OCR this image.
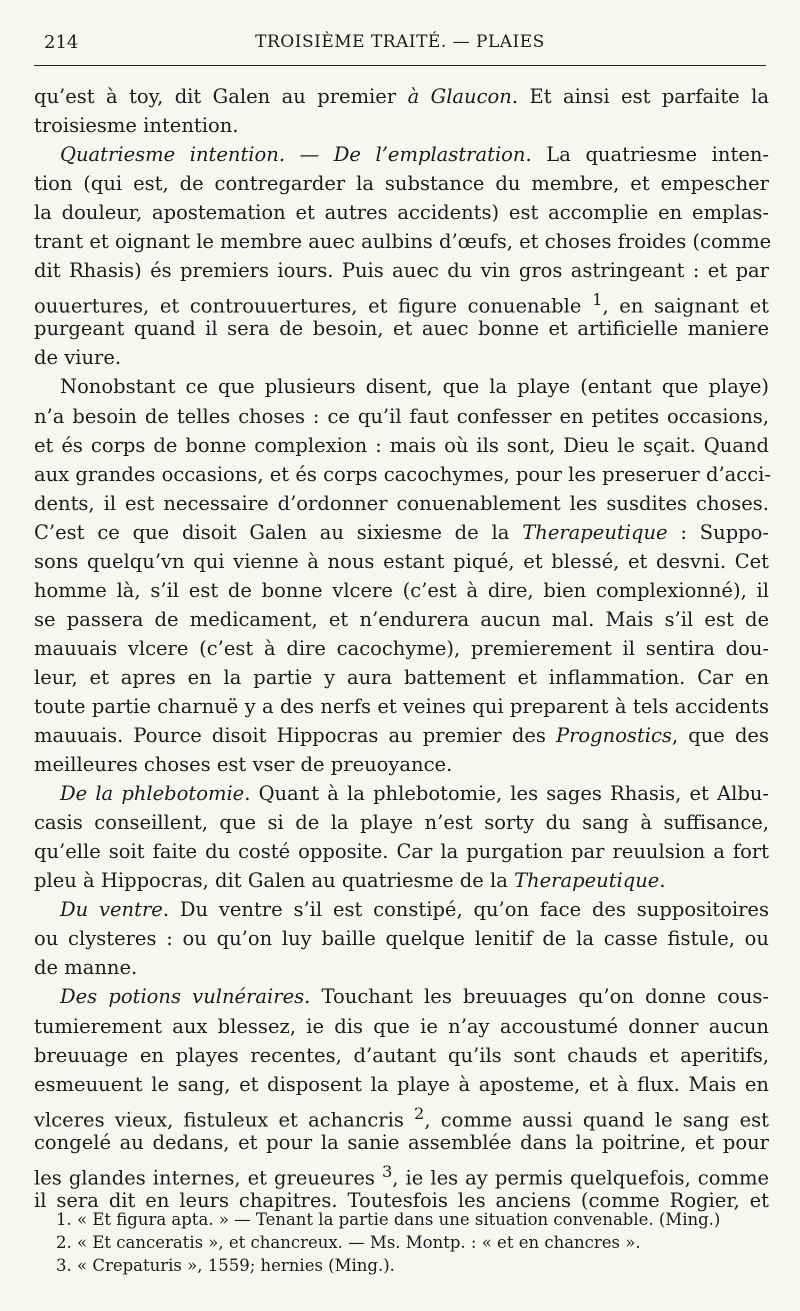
214	TROISIÈME TRAITÉ. — PLAIES
qu’est à toy, dit Galen au premier à Glaucon. Et ainsi est parfaite la
troisiesme intention.
Quatriesme intention. — De l’emplastration. La quatriesme inten-
tion (qui est, de contregarder la substance du membre, et empescher
la douleur, apostemation et autres accidents) est accomplie en emplas-
trant et oignant le membre auec aulbins d’œufs, et choses froides (comme
dit Rhasis) és premiers iours. Puis auec du vin gros astringeant : et par
ouuertures, et controuuertures, et figure conuenable $^1$, en saignant et
purgeant quand il sera de besoin, et auec bonne et artificielle maniere
de viure.
Nonobstant ce que plusieurs disent, que la playe (entant que playe)
n’a besoin de telles choses : ce qu’il faut confesser en petites occasions,
et és corps de bonne complexion : mais où ils sont, Dieu le sçait. Quand
aux grandes occasions, et és corps cacochymes, pour les preseruer d’acci-
dents, il est necessaire d’ordonner conuenablement les susdites choses.
C’est ce que disoit Galen au sixiesme de la Therapeutique : Suppo-
sons quelqu’vn qui vienne à nous estant piqué, et blessé, et desvni. Cet
homme là, s’il est de bonne vlcere (c’est à dire, bien complexionné), il
se passera de medicament, et n’endurera aucun mal. Mais s’il est de
mauuais vlcere (c’est à dire cacochyme), premierement il sentira dou-
leur, et apres en la partie y aura battement et inflammation. Car en
toute partie charnuë y a des nerfs et veines qui preparent à tels accidents
mauuais. Pource disoit Hippocras au premier des Prognostics, que des
meilleures choses est vser de preuoyance.
De la phlebotomie. Quant à la phlebotomie, les sages Rhasis, et Albu-
casis conseillent, que si de la playe n’est sorty du sang à suffisance,
qu’elle soit faite du costé opposite. Car la purgation par reuulsion a fort
pleu à Hippocras, dit Galen au quatriesme de la Therapeutique.
Du ventre. Du ventre s’il est constipé, qu’on face des suppositoires
ou clysteres : ou qu’on luy baille quelque lenitif de la casse fistule, ou
de manne.
Des potions vulnéraires. Touchant les breuuages qu’on donne cous-
tumierement aux blessez, ie dis que ie n’ay accoustumé donner aucun
breuuage en playes recentes, d’autant qu’ils sont chauds et aperitifs,
esmeuuent le sang, et disposent la playe à aposteme, et à flux. Mais en
vlceres vieux, fistuleux et achancris $^2$, comme aussi quand le sang est
congelé au dedans, et pour la sanie assemblée dans la poitrine, et pour
les glandes internes, et greueures $^3$, ie les ay permis quelquefois, comme
il sera dit en leurs chapitres. Toutesfois les anciens (comme Rogier, et
1. « Et figura apta. » — Tenant la partie dans une situation convenable. (Ming.)
2. « Et canceratis », et chancreux. — Ms. Montp. : « et en chancres ».
3. « Crepaturis », 1559; hernies (Ming.).
